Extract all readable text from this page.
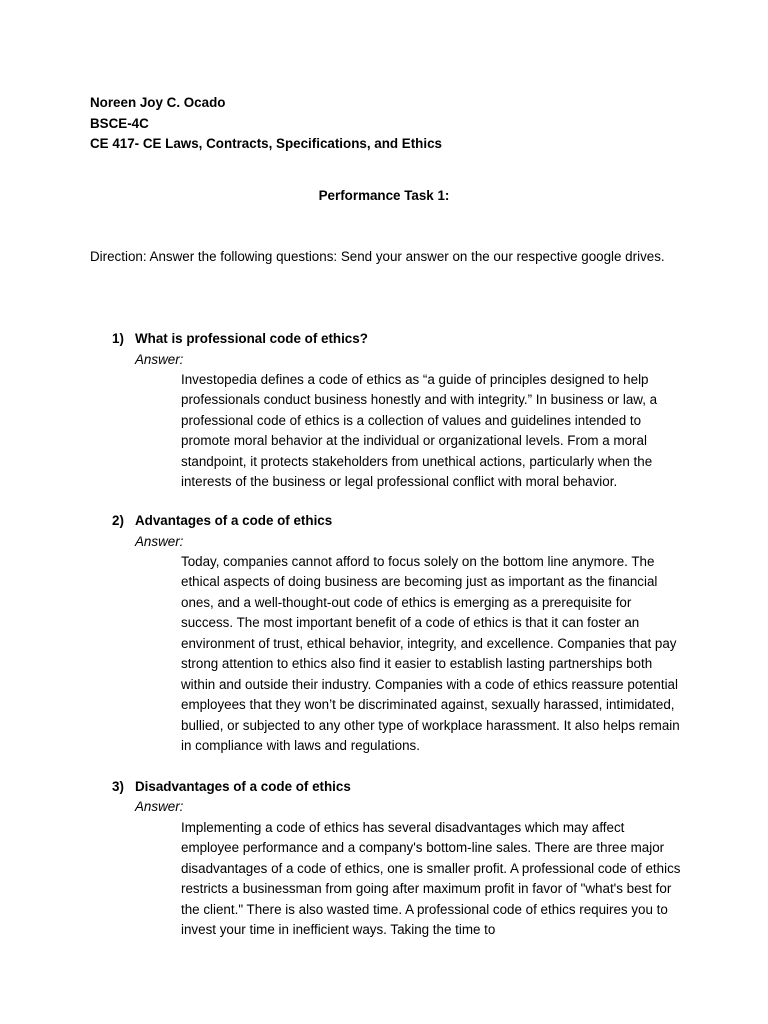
Noreen Joy C. Ocado
BSCE-4C
CE 417- CE Laws, Contracts, Specifications, and Ethics
Performance Task 1:
Direction: Answer the following questions: Send your answer on the our respective google drives.
1) What is professional code of ethics?
Answer:
Investopedia defines a code of ethics as “a guide of principles designed to help professionals conduct business honestly and with integrity.” In business or law, a professional code of ethics is a collection of values and guidelines intended to promote moral behavior at the individual or organizational levels. From a moral standpoint, it protects stakeholders from unethical actions, particularly when the interests of the business or legal professional conflict with moral behavior.
2) Advantages of a code of ethics
Answer:
Today, companies cannot afford to focus solely on the bottom line anymore. The ethical aspects of doing business are becoming just as important as the financial ones, and a well-thought-out code of ethics is emerging as a prerequisite for success. The most important benefit of a code of ethics is that it can foster an environment of trust, ethical behavior, integrity, and excellence. Companies that pay strong attention to ethics also find it easier to establish lasting partnerships both within and outside their industry. Companies with a code of ethics reassure potential employees that they won’t be discriminated against, sexually harassed, intimidated, bullied, or subjected to any other type of workplace harassment. It also helps remain in compliance with laws and regulations.
3) Disadvantages of a code of ethics
Answer:
Implementing a code of ethics has several disadvantages which may affect employee performance and a company's bottom-line sales. There are three major disadvantages of a code of ethics, one is smaller profit. A professional code of ethics restricts a businessman from going after maximum profit in favor of "what's best for the client." There is also wasted time. A professional code of ethics requires you to invest your time in inefficient ways. Taking the time to
